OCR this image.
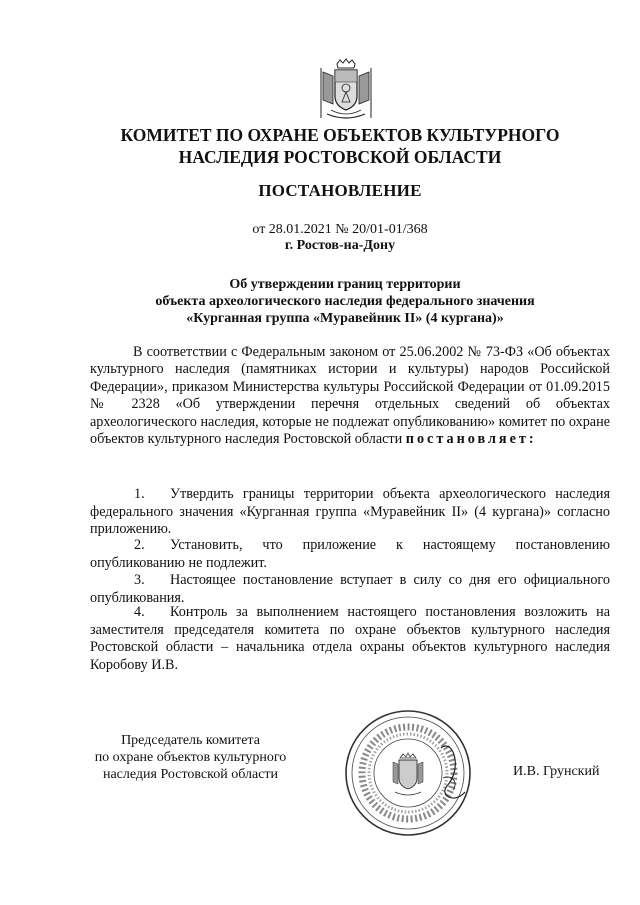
КОМИТЕТ ПО ОХРАНЕ ОБЪЕКТОВ КУЛЬТУРНОГО
НАСЛЕДИЯ РОСТОВСКОЙ ОБЛАСТИ
ПОСТАНОВЛЕНИЕ
от 28.01.2021 № 20/01-01/368
г. Ростов-на-Дону
Об утверждении границ территории
объекта археологического наследия федерального значения
«Курганная группа «Муравейник II» (4 кургана)»

В соответствии с Федеральным законом от 25.06.2002 № 73-ФЗ «Об объектах культурного наследия (памятниках истории и культуры) народов Российской Федерации», приказом Министерства культуры Российской Федерации от 01.09.2015 № 2328 «Об утверждении перечня отдельных сведений об объектах археологического наследия, которые не подлежат опубликованию» комитет по охране объектов культурного наследия Ростовской области постановляет:

1. Утвердить границы территории объекта археологического наследия федерального значения «Курганная группа «Муравейник II» (4 кургана)» согласно приложению.

2. Установить, что приложение к настоящему постановлению опубликованию не подлежит.

3. Настоящее постановление вступает в силу со дня его официального опубликования.

4. Контроль за выполнением настоящего постановления возложить на заместителя председателя комитета по охране объектов культурного наследия Ростовской области – начальника отдела охраны объектов культурного наследия Коробову И.В.

Председатель комитета
по охране объектов культурного
наследия Ростовской области	И.В. Грунский
